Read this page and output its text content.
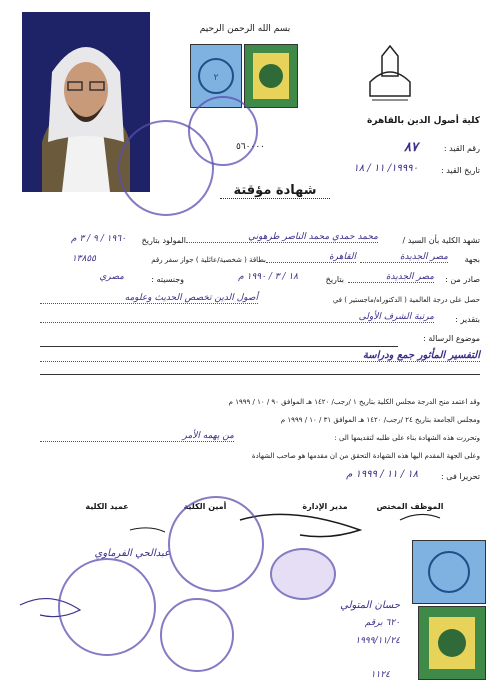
بسم الله الرحمن الرحيم
٢
كلية أصول الدين بالقاهرة
رقم القيد :
٨٧
تاريخ القيد :
١٩٩٩٠/ ١١ / ١٨
٥٦٠٠٠٠
شهادة مؤقتة
تشهد الكلية بأن السيد /
محمد حمدي محمد الناصر طرهوني
المولود بتاريخ
١٩٦٠ / ٩ / ٣ م
بجهة
مصر الجديدة
القاهرة
بطاقة ( شخصية/عائلية ) جواز سفر رقم
١٣٨٥٥
صادر من :
مصر الجديدة
بتاريخ
١٨ / ٣ / ١٩٩٠ م
وجنسيته :
مصري
حصل على درجة العالمية ( الدكتوراه/ماجستير ) في
أصول الدين تخصص الحديث وعلومه
بتقدير :
مرتبة الشرف الأولى
موضوع الرسالة :
التفسير المأثور جمع ودراسة
وقد اعتمد منح الدرجة مجلس الكلية بتاريخ ١ /رجب/ ١٤٢٠ هـ الموافق ٩٠ / ١٠ / ١٩٩٩ م
ومجلس الجامعة بتاريخ ٢٤ /رجب/ ١٤٢٠ هـ الموافق ٣١ / ١٠ / ١٩٩٩ م
وتحررت هذه الشهادة بناء على طلبه لتقديمها الى :
من يهمه الأمر
وعلى الجهة المقدم اليها هذه الشهادة التحقق من ان مقدمها هو صاحب الشهادة
تحريرا فى :
١٨ / ١١ / ١٩٩٩ م
الموظف المختص
مدير الإدارة
أمين الكلية
عميد الكلية
عبدالحي الفرماوي
حسان المتولي
٦٢٠ برقم
١٩٩٩/١١/٢٤
١١٢٤
